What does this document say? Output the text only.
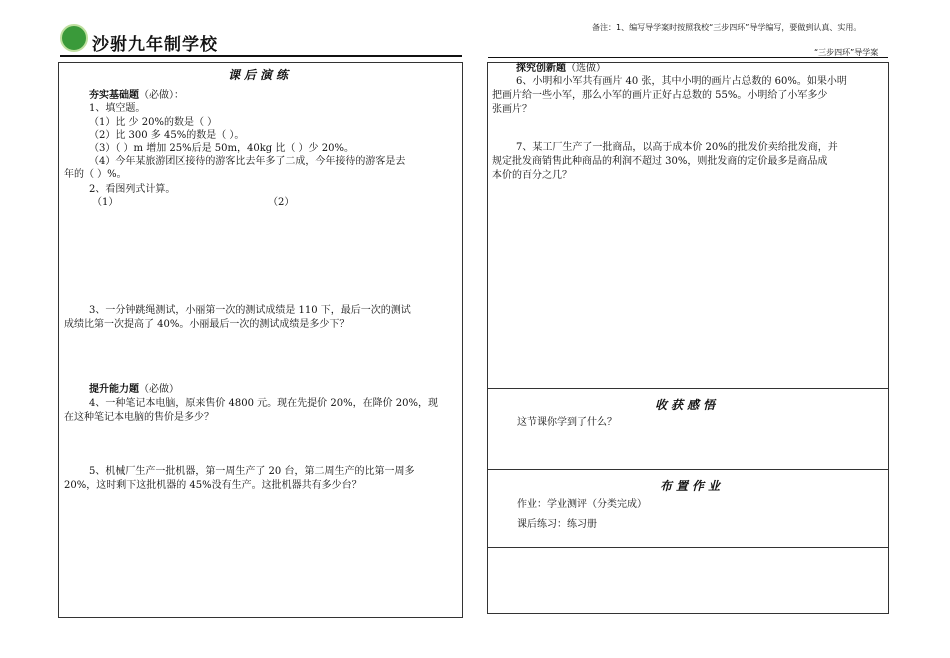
沙驸九年制学校
备注：1、编写导学案时按照我校“三步四环”导学编写，要做到认真、实用。
“三步四环”导学案
课后演练
夯实基础题（必做）：
1、填空题。
（1）比 少 20%的数是（ ）
（2）比 300 多 45%的数是（ ）。
（3）（ ）m 增加 25%后是 50m，40kg 比（ ）少 20%。
（4）今年某旅游团区接待的游客比去年多了二成，今年接待的游客是去
年的（ ）%。
2、看图列式计算。
（1）	（2）
3、一分钟跳绳测试，小丽第一次的测试成绩是 110 下，最后一次的测试
成绩比第一次提高了 40%。小丽最后一次的测试成绩是多少下？
提升能力题（必做）
4、一种笔记本电脑，原来售价 4800 元。现在先提价 20%，在降价 20%，现
在这种笔记本电脑的售价是多少？
5、机械厂生产一批机器，第一周生产了 20 台，第二周生产的比第一周多
20%，这时剩下这批机器的 45%没有生产。这批机器共有多少台？
探究创新题（选做）
6、小明和小军共有画片 40 张，其中小明的画片占总数的 60%。如果小明
把画片给一些小军，那么小军的画片正好占总数的 55%。小明给了小军多少
张画片？
7、某工厂生产了一批商品，以高于成本价 20%的批发价卖给批发商，并
规定批发商销售此种商品的利润不超过 30%，则批发商的定价最多是商品成
本价的百分之几？
收获感悟
这节课你学到了什么？
布置作业
作业：学业测评（分类完成）
课后练习：练习册
